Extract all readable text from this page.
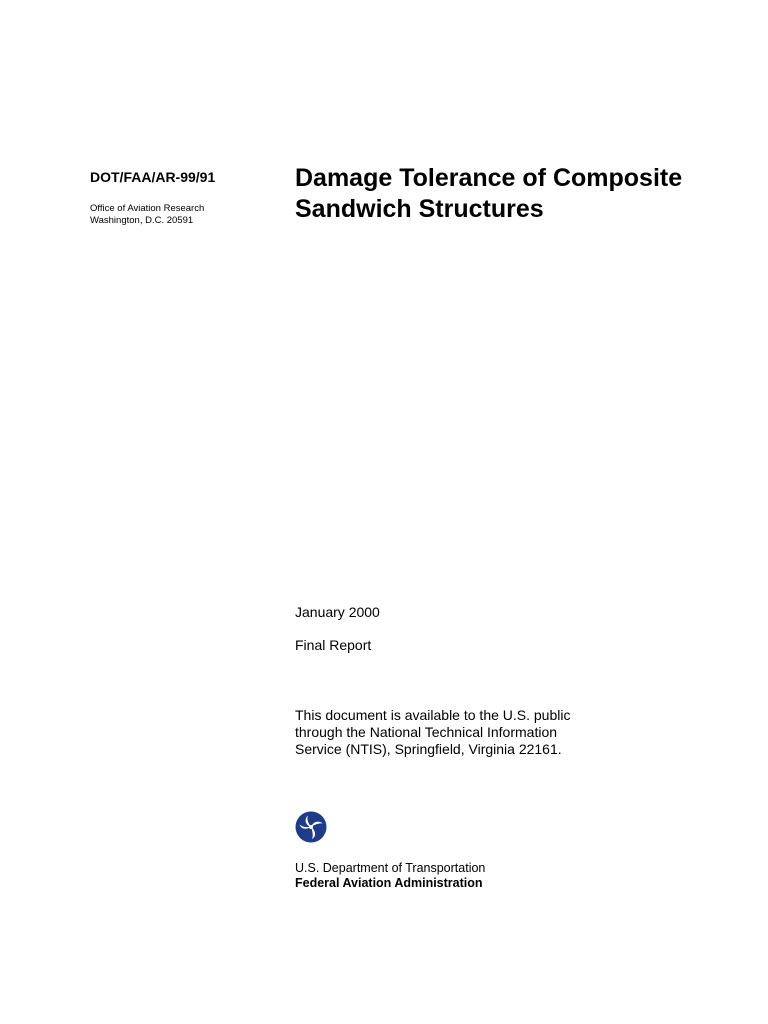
DOT/FAA/AR-99/91
Office of Aviation Research
Washington, D.C. 20591
Damage Tolerance of Composite
Sandwich Structures
January 2000
Final Report
This document is available to the U.S. public
through the National Technical Information
Service (NTIS), Springfield, Virginia 22161.
U.S. Department of Transportation
Federal Aviation Administration
